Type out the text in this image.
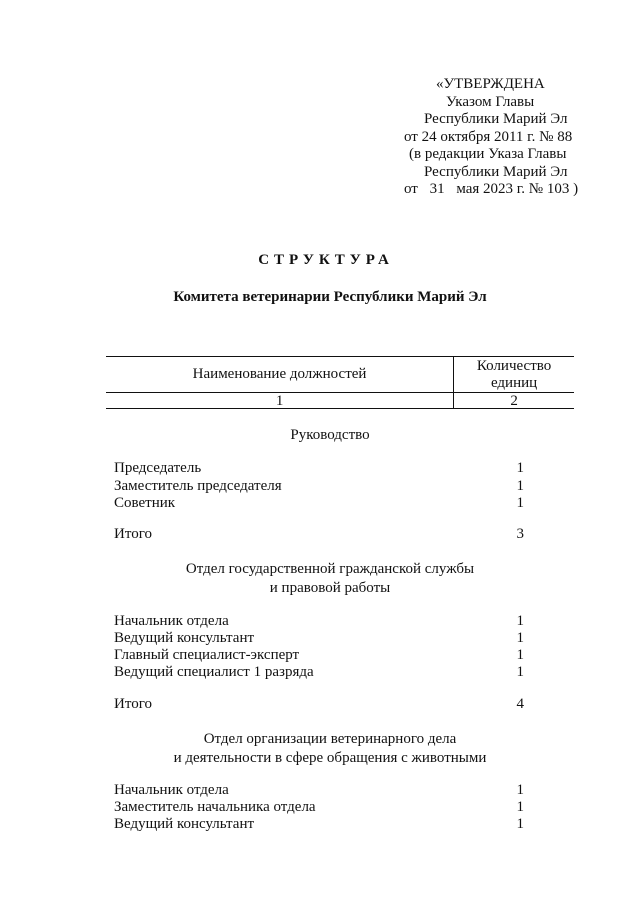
«УТВЕРЖДЕНА
Указом Главы
Республики Марий Эл
от 24 октября 2011 г. № 88
(в редакции Указа Главы
Республики Марий Эл
от 31 мая 2023 г. № 103 )
СТРУКТУРА
Комитета ветеринарии Республики Марий Эл
Наименование должностей	Количество
единиц
1	2
Руководство
Председатель	1
Заместитель председателя	1
Советник	1
Итого	3
Отдел государственной гражданской службы
и правовой работы
Начальник отдела	1
Ведущий консультант	1
Главный специалист-эксперт	1
Ведущий специалист 1 разряда	1
Итого	4
Отдел организации ветеринарного дела
и деятельности в сфере обращения с животными
Начальник отдела	1
Заместитель начальника отдела	1
Ведущий консультант	1
